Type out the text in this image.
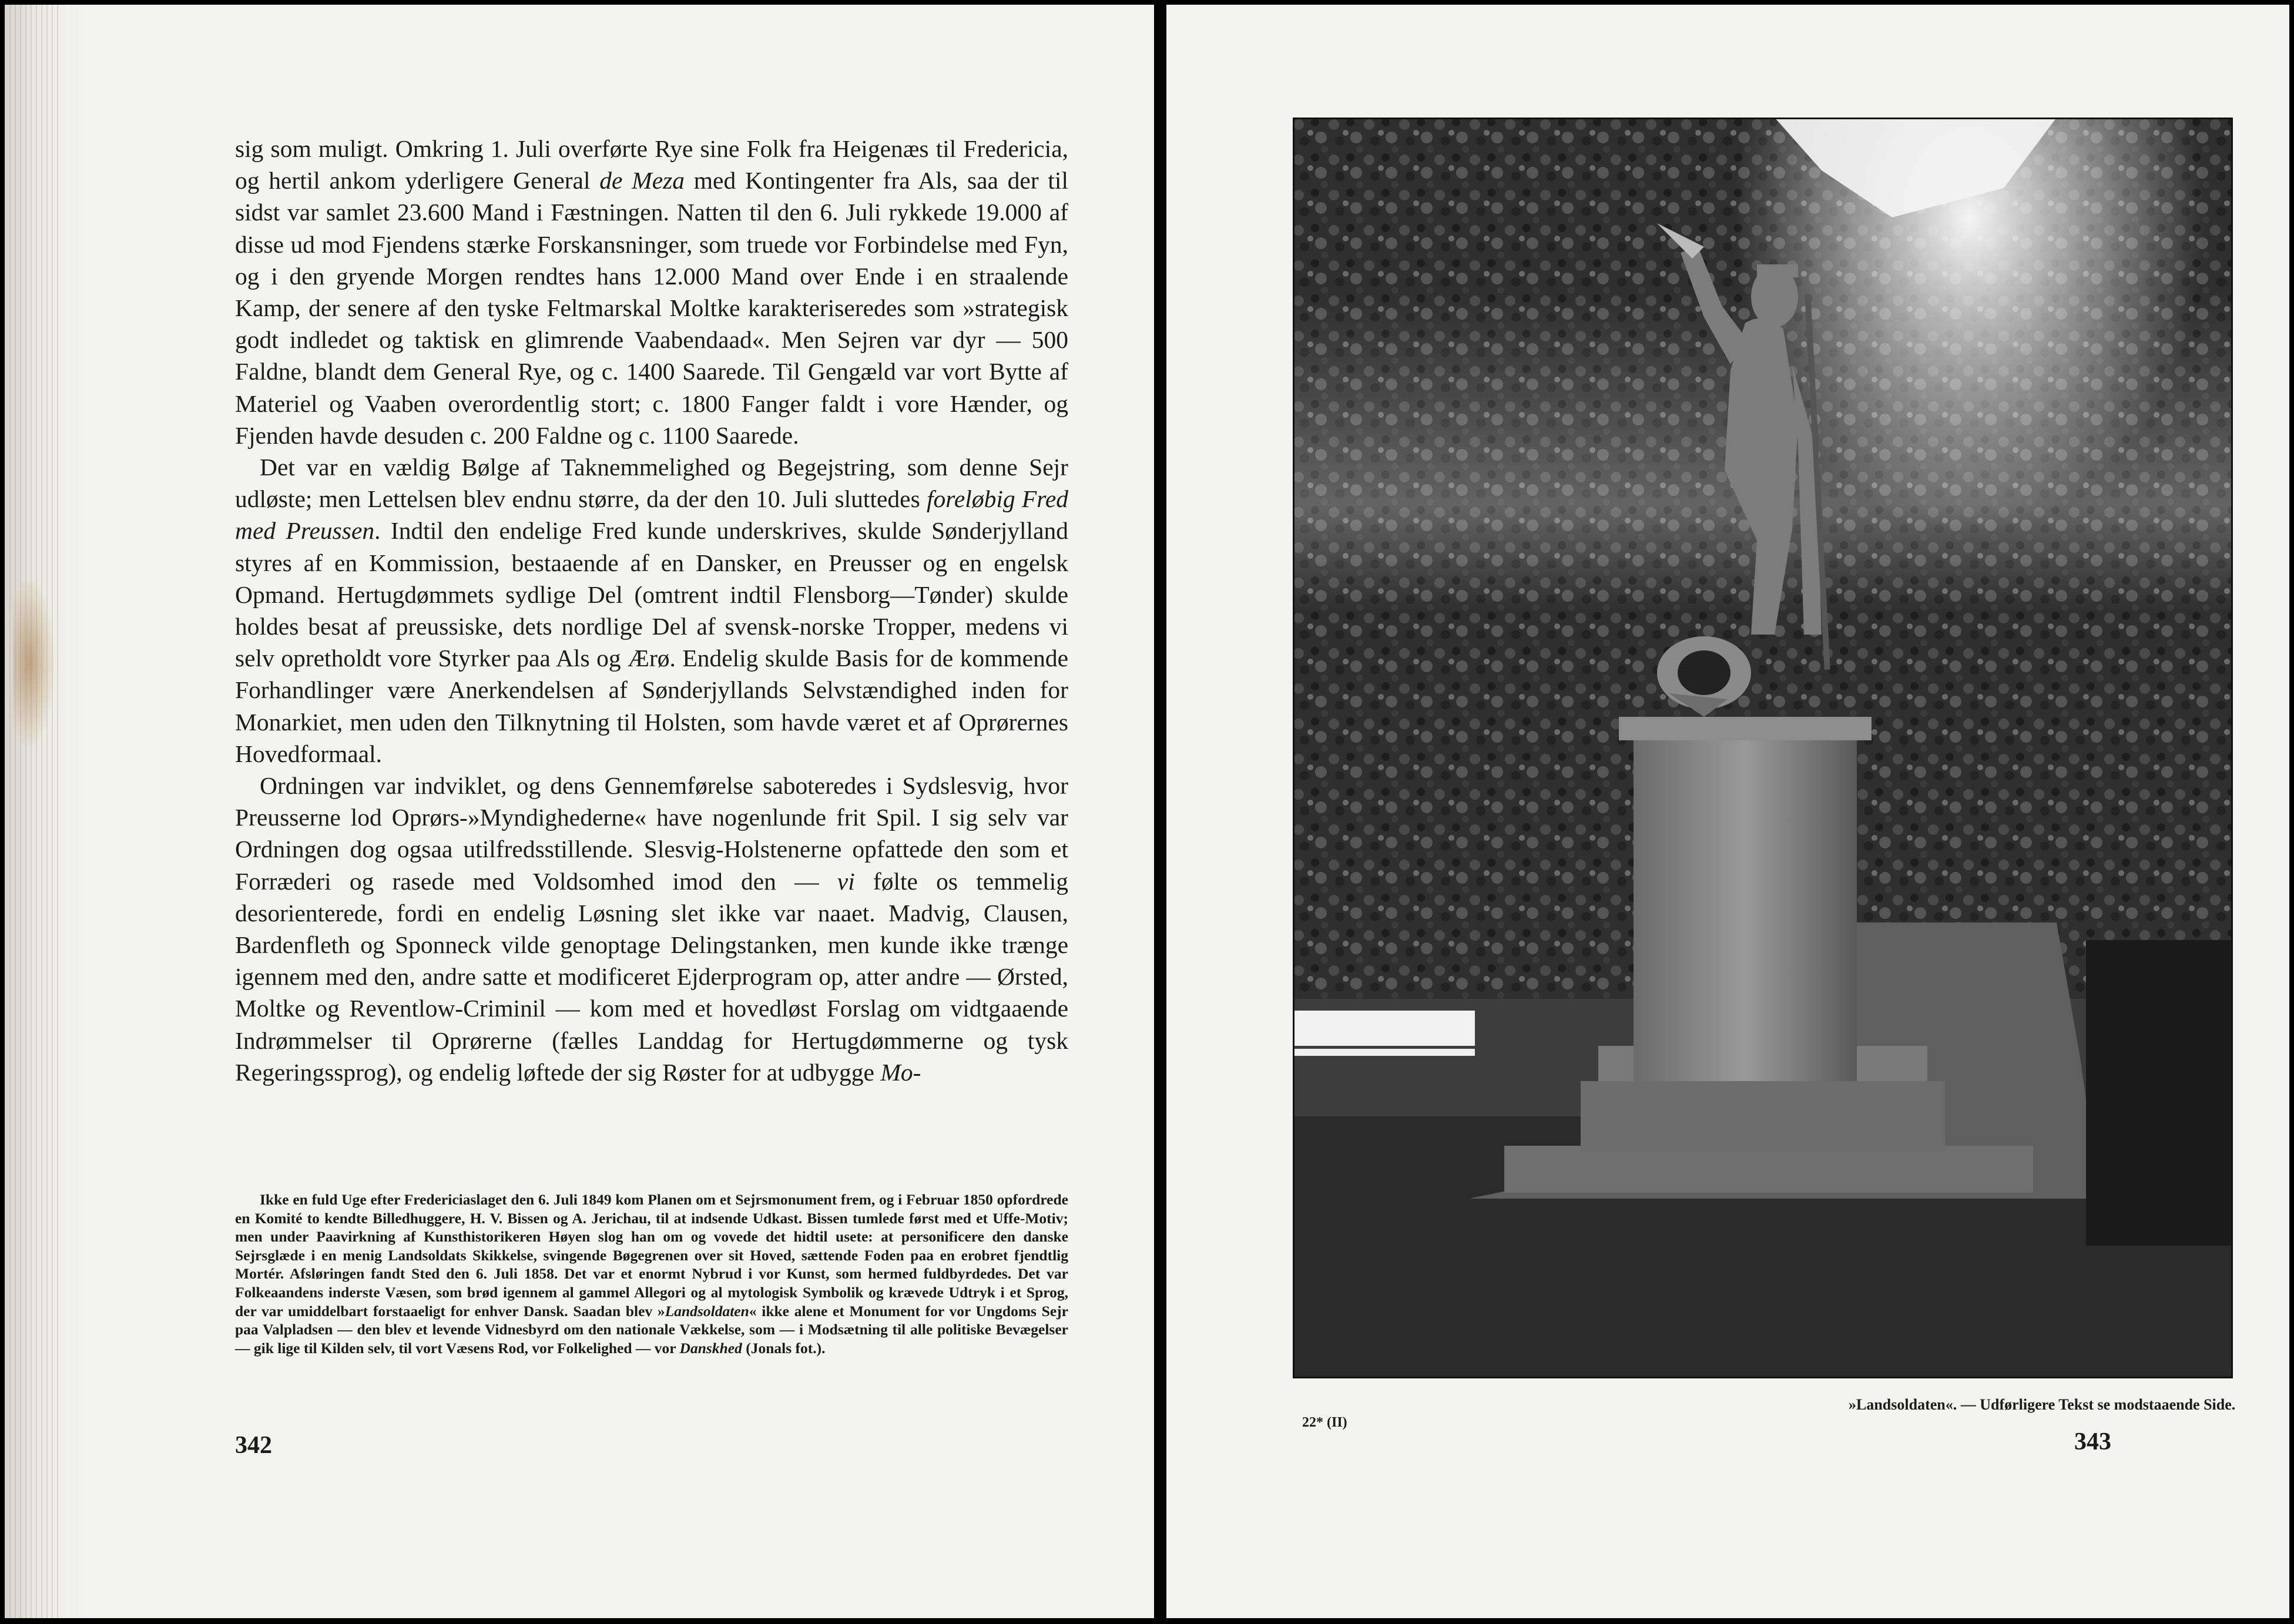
sig som muligt. Omkring 1. Juli overførte Rye sine Folk fra Heigenæs til Fredericia, og hertil ankom yderligere General de Meza med Kontingenter fra Als, saa der til sidst var samlet 23.600 Mand i Fæstningen. Natten til den 6. Juli rykkede 19.000 af disse ud mod Fjendens stærke Forskansninger, som truede vor Forbindelse med Fyn, og i den gryende Morgen rendtes hans 12.000 Mand over Ende i en straalende Kamp, der senere af den tyske Feltmarskal Moltke karakteriseredes som »strategisk godt indledet og taktisk en glimrende Vaabendaad«. Men Sejren var dyr — 500 Faldne, blandt dem General Rye, og c. 1400 Saarede. Til Gengæld var vort Bytte af Materiel og Vaaben overordentlig stort; c. 1800 Fanger faldt i vore Hænder, og Fjenden havde desuden c. 200 Faldne og c. 1100 Saarede.

Det var en vældig Bølge af Taknemmelighed og Begejstring, som denne Sejr udløste; men Lettelsen blev endnu større, da der den 10. Juli sluttedes foreløbig Fred med Preussen. Indtil den endelige Fred kunde underskrives, skulde Sønderjylland styres af en Kommission, bestaaende af en Dansker, en Preusser og en engelsk Opmand. Hertugdømmets sydlige Del (omtrent indtil Flensborg—Tønder) skulde holdes besat af preussiske, dets nordlige Del af svensk-norske Tropper, medens vi selv opretholdt vore Styrker paa Als og Ærø. Endelig skulde Basis for de kommende Forhandlinger være Anerkendelsen af Sønderjyllands Selvstændighed inden for Monarkiet, men uden den Tilknytning til Holsten, som havde været et af Oprørernes Hovedformaal.

Ordningen var indviklet, og dens Gennemførelse saboteredes i Sydslesvig, hvor Preusserne lod Oprørs-»Myndighederne« have nogenlunde frit Spil. I sig selv var Ordningen dog ogsaa utilfredsstillende. Slesvig-Holstenerne opfattede den som et Forræderi og rasede med Voldsomhed imod den — vi følte os temmelig desorienterede, fordi en endelig Løsning slet ikke var naaet. Madvig, Clausen, Bardenfleth og Sponneck vilde genoptage Delingstanken, men kunde ikke trænge igennem med den, andre satte et modificeret Ejderprogram op, atter andre — Ørsted, Moltke og Reventlow-Criminil — kom med et hovedløst Forslag om vidtgaaende Indrømmelser til Oprørerne (fælles Landdag for Hertugdømmerne og tysk Regeringssprog), og endelig løftede der sig Røster for at udbygge Mo-

Ikke en fuld Uge efter Fredericiaslaget den 6. Juli 1849 kom Planen om et Sejrsmonument frem, og i Februar 1850 opfordrede en Komité to kendte Billedhuggere, H. V. Bissen og A. Jerichau, til at indsende Udkast. Bissen tumlede først med et Uffe-Motiv; men under Paavirkning af Kunsthistorikeren Høyen slog han om og vovede det hidtil usete: at personificere den danske Sejrsglæde i en menig Landsoldats Skikkelse, svingende Bøgegrenen over sit Hoved, sættende Foden paa en erobret fjendtlig Mortér. Afsløringen fandt Sted den 6. Juli 1858. Det var et enormt Nybrud i vor Kunst, som hermed fuldbyrdedes. Det var Folkeaandens inderste Væsen, som brød igennem al gammel Allegori og al mytologisk Symbolik og krævede Udtryk i et Sprog, der var umiddelbart forstaaeligt for enhver Dansk. Saadan blev »Landsoldaten« ikke alene et Monument for vor Ungdoms Sejr paa Valpladsen — den blev et levende Vidnesbyrd om den nationale Vækkelse, som — i Modsætning til alle politiske Bevægelser — gik lige til Kilden selv, til vort Væsens Rod, vor Folkelighed — vor Danskhed (Jonals fot.).

342
»Landsoldaten«. — Udførligere Tekst se modstaaende Side.
22* (II)
343
